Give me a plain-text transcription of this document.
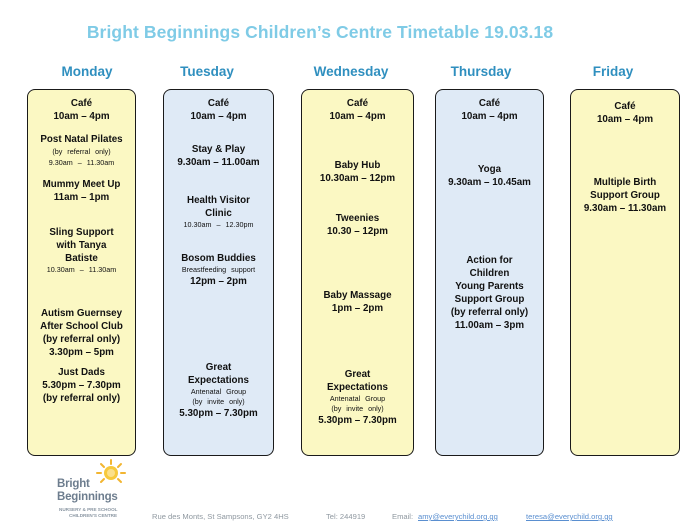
Bright Beginnings Children’s Centre Timetable 19.03.18
Monday	Tuesday	Wednesday	Thursday	Friday
Café
10am – 4pm
Post Natal Pilates
(by referral only)
9.30am – 11.30am
Mummy Meet Up
11am – 1pm
Sling Support
with Tanya
Batiste
10.30am – 11.30am
Autism Guernsey
After School Club
(by referral only)
3.30pm – 5pm
Just Dads
5.30pm – 7.30pm
(by referral only)
Café
10am – 4pm
Stay & Play
9.30am – 11.00am
Health Visitor
Clinic
10.30am – 12.30pm
Bosom Buddies
Breastfeeding support
12pm – 2pm
Great
Expectations
Antenatal Group
(by invite only)
5.30pm – 7.30pm
Café
10am – 4pm
Baby Hub
10.30am – 12pm
Tweenies
10.30 – 12pm
Baby Massage
1pm – 2pm
Great
Expectations
Antenatal Group
(by invite only)
5.30pm – 7.30pm
Café
10am – 4pm
Yoga
9.30am – 10.45am
Action for
Children
Young Parents
Support Group
(by referral only)
11.00am – 3pm
Café
10am – 4pm
Multiple Birth
Support Group
9.30am – 11.30am
Bright
Beginnings
NURSERY & PRE SCHOOL
CHILDREN'S CENTRE	Rue des Monts, St Sampsons, GY2 4HS	Tel: 244919	Email: amy@everychild.org.gg	teresa@everychild.org.gg
